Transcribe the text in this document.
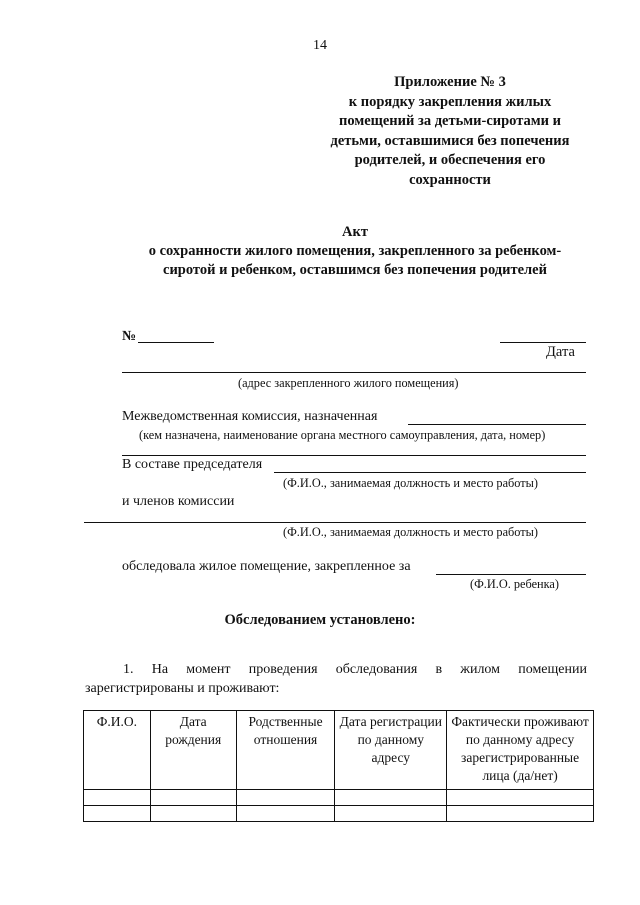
14
Приложение № 3
к порядку закрепления жилых
помещений за детьми-сиротами и
детьми, оставшимися без попечения
родителей, и обеспечения его
сохранности
Акт
о сохранности жилого помещения, закрепленного за ребенком-
сиротой и ребенком, оставшимся без попечения родителей
№
Дата
(адрес закрепленного жилого помещения)
Межведомственная комиссия, назначенная
(кем назначена, наименование органа местного самоуправления, дата, номер)
В составе председателя
(Ф.И.О., занимаемая должность и место работы)
и членов комиссии
(Ф.И.О., занимаемая должность и место работы)
обследовала жилое помещение, закрепленное за
(Ф.И.О. ребенка)
Обследованием установлено:
1. На момент проведения обследования в жилом помещении зарегистрированы и проживают:
Ф.И.О.	Дата рождения	Родственные отношения	Дата регистрации по данному адресу	Фактически проживают по данному адресу зарегистрированные лица (да/нет)
